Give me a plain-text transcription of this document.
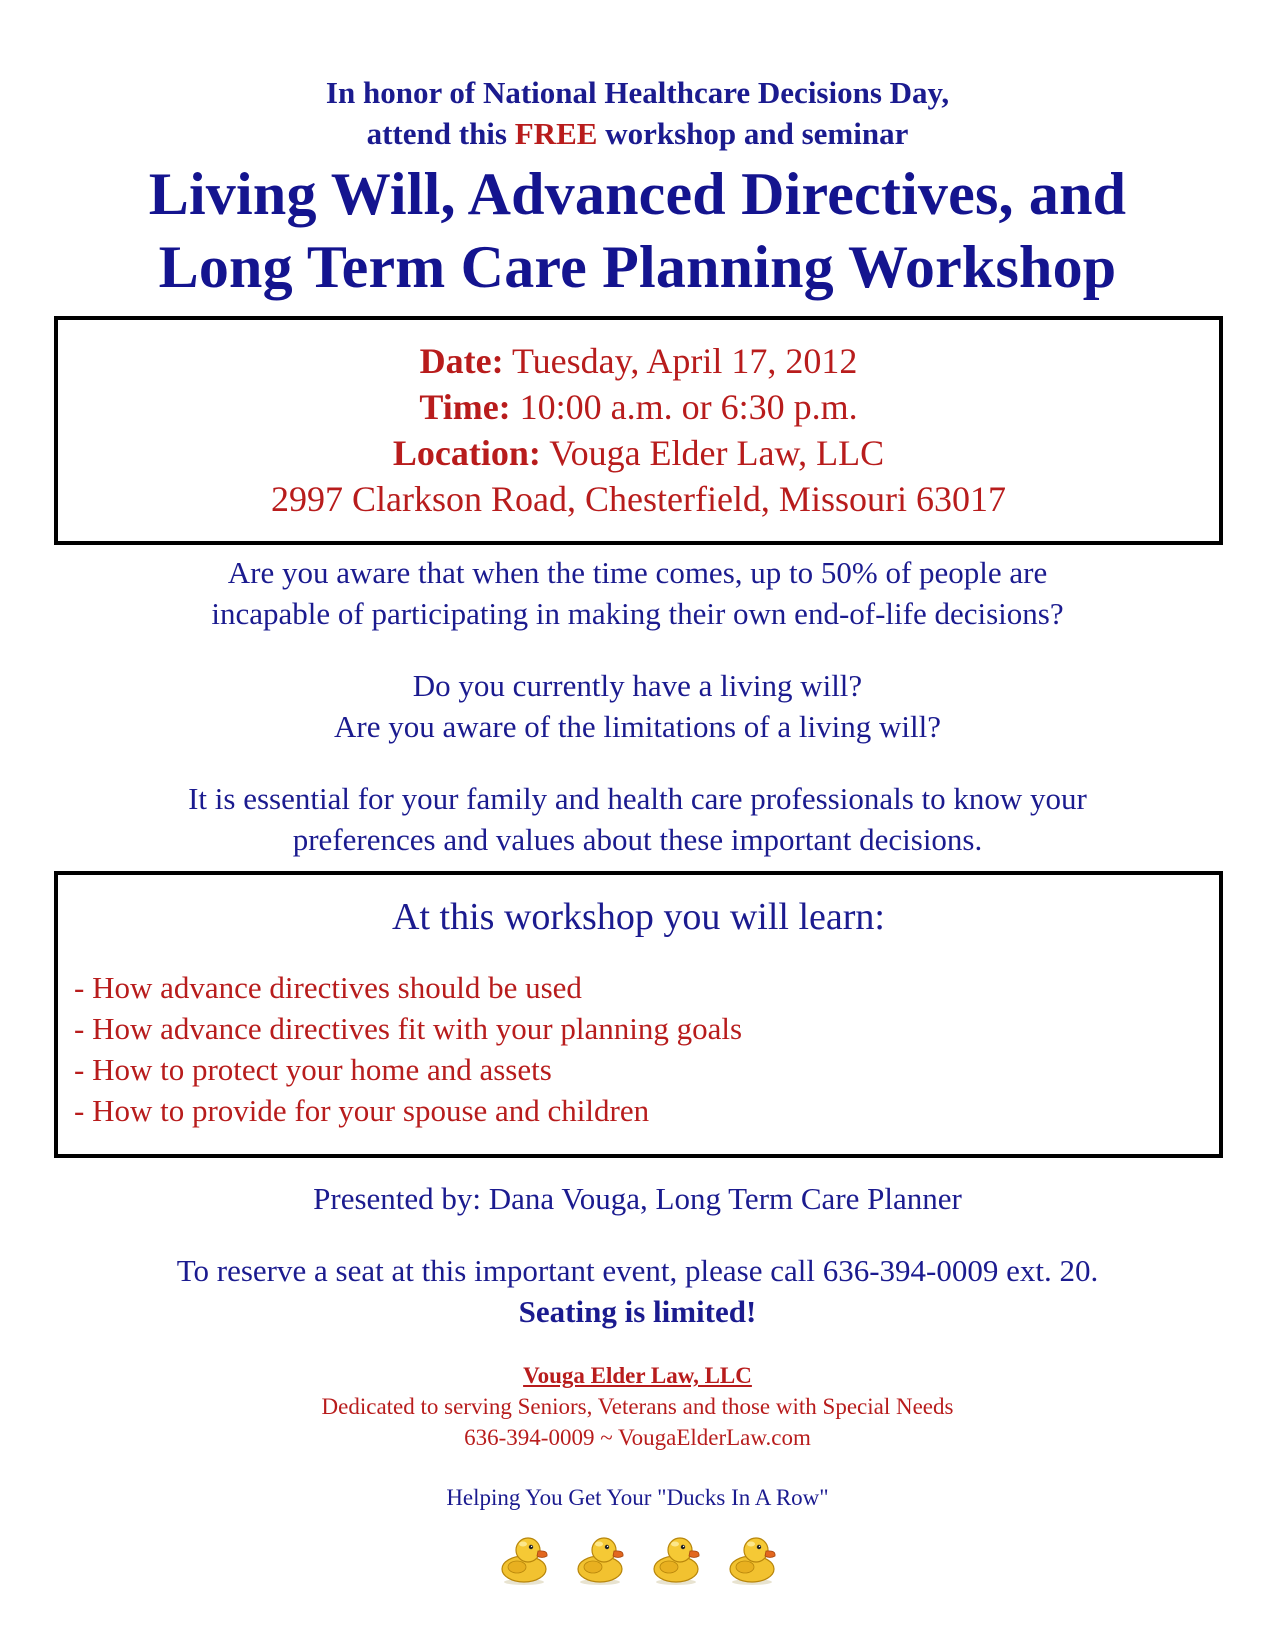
In honor of National Healthcare Decisions Day,
attend this FREE workshop and seminar
Living Will, Advanced Directives, and
Long Term Care Planning Workshop
Date: Tuesday, April 17, 2012
Time: 10:00 a.m. or 6:30 p.m.
Location: Vouga Elder Law, LLC
2997 Clarkson Road, Chesterfield, Missouri 63017
Are you aware that when the time comes, up to 50% of people are
incapable of participating in making their own end-of-life decisions?
Do you currently have a living will?
Are you aware of the limitations of a living will?
It is essential for your family and health care professionals to know your
preferences and values about these important decisions.
At this workshop you will learn:
- How advance directives should be used
- How advance directives fit with your planning goals
- How to protect your home and assets
- How to provide for your spouse and children
Presented by: Dana Vouga, Long Term Care Planner
To reserve a seat at this important event, please call 636-394-0009 ext. 20.
Seating is limited!
Vouga Elder Law, LLC
Dedicated to serving Seniors, Veterans and those with Special Needs
636-394-0009 ~ VougaElderLaw.com
Helping You Get Your "Ducks In A Row"
